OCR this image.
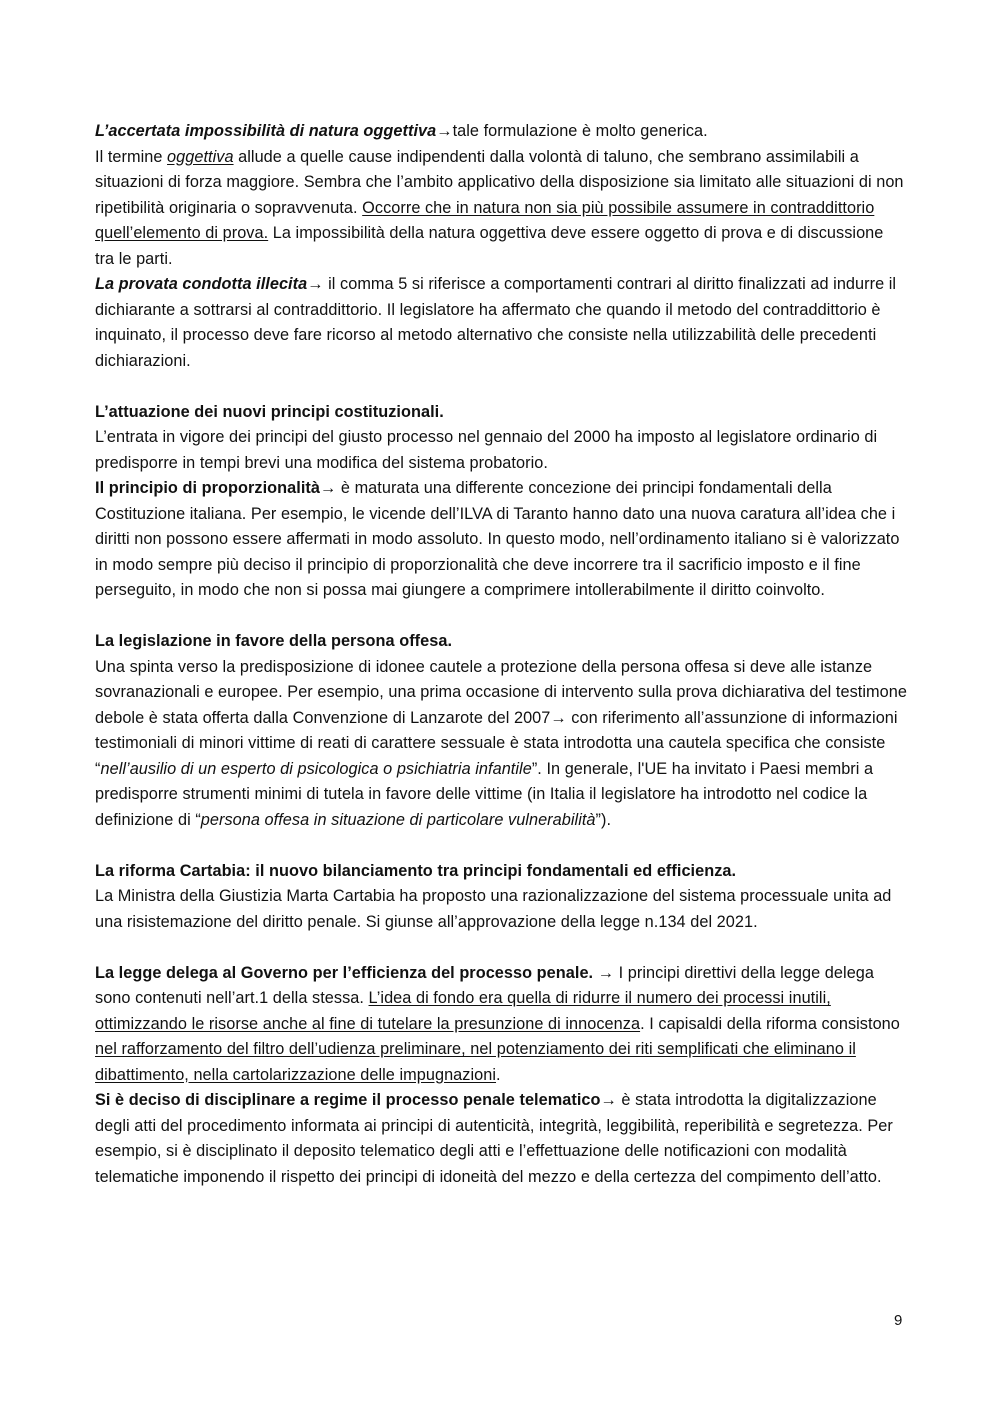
L’accertata impossibilità di natura oggettiva→tale formulazione è molto generica.
Il termine oggettiva allude a quelle cause indipendenti dalla volontà di taluno, che sembrano assimilabili a situazioni di forza maggiore. Sembra che l’ambito applicativo della disposizione sia limitato alle situazioni di non ripetibilità originaria o sopravvenuta. Occorre che in natura non sia più possibile assumere in contraddittorio quell’elemento di prova. La impossibilità della natura oggettiva deve essere oggetto di prova e di discussione tra le parti.

La provata condotta illecita→ il comma 5 si riferisce a comportamenti contrari al diritto finalizzati ad indurre il dichiarante a sottrarsi al contraddittorio. Il legislatore ha affermato che quando il metodo del contraddittorio è inquinato, il processo deve fare ricorso al metodo alternativo che consiste nella utilizzabilità delle precedenti dichiarazioni.

L’attuazione dei nuovi principi costituzionali.
L’entrata in vigore dei principi del giusto processo nel gennaio del 2000 ha imposto al legislatore ordinario di predisporre in tempi brevi una modifica del sistema probatorio.

Il principio di proporzionalità→ è maturata una differente concezione dei principi fondamentali della Costituzione italiana. Per esempio, le vicende dell’ILVA di Taranto hanno dato una nuova caratura all’idea che i diritti non possono essere affermati in modo assoluto. In questo modo, nell’ordinamento italiano si è valorizzato in modo sempre più deciso il principio di proporzionalità che deve incorrere tra il sacrificio imposto e il fine perseguito, in modo che non si possa mai giungere a comprimere intollerabilmente il diritto coinvolto.

La legislazione in favore della persona offesa.
Una spinta verso la predisposizione di idonee cautele a protezione della persona offesa si deve alle istanze sovranazionali e europee. Per esempio, una prima occasione di intervento sulla prova dichiarativa del testimone debole è stata offerta dalla Convenzione di Lanzarote del 2007→ con riferimento all’assunzione di informazioni testimoniali di minori vittime di reati di carattere sessuale è stata introdotta una cautela specifica che consiste “nell’ausilio di un esperto di psicologica o psichiatria infantile”. In generale, l'UE ha invitato i Paesi membri a predisporre strumenti minimi di tutela in favore delle vittime (in Italia il legislatore ha introdotto nel codice la definizione di “persona offesa in situazione di particolare vulnerabilità”).

La riforma Cartabia: il nuovo bilanciamento tra principi fondamentali ed efficienza.
La Ministra della Giustizia Marta Cartabia ha proposto una razionalizzazione del sistema processuale unita ad una risistemazione del diritto penale. Si giunse all’approvazione della legge n.134 del 2021.

La legge delega al Governo per l’efficienza del processo penale. → I principi direttivi della legge delega sono contenuti nell’art.1 della stessa. L’idea di fondo era quella di ridurre il numero dei processi inutili, ottimizzando le risorse anche al fine di tutelare la presunzione di innocenza. I capisaldi della riforma consistono nel rafforzamento del filtro dell’udienza preliminare, nel potenziamento dei riti semplificati che eliminano il dibattimento, nella cartolarizzazione delle impugnazioni.

Si è deciso di disciplinare a regime il processo penale telematico→ è stata introdotta la digitalizzazione degli atti del procedimento informata ai principi di autenticità, integrità, leggibilità, reperibilità e segretezza. Per esempio, si è disciplinato il deposito telematico degli atti e l’effettuazione delle notificazioni con modalità telematiche imponendo il rispetto dei principi di idoneità del mezzo e della certezza del compimento dell’atto.

9
